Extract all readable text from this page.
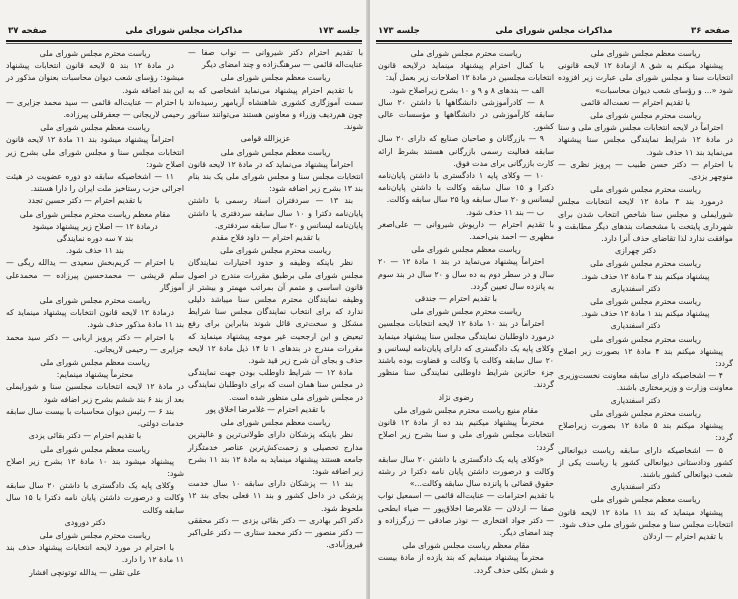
مذاکرات مجلس شورای ملی	جلسه ۱۷۳
صفحه ۳۷

با تقدیم احترام دکتر شیروانی — نواب صفا — عنایت‌اله قائمی — سرهنگ‌زاده و چند امضای دیگر

ریاست معظم مجلس شورای ملی

با تقدیم احترام پیشنهاد می‌نماید اشخاصی که به سمت آموزگاری کشوری شاهنشاه آریامهر رسیده‌اند چون هم‌ردیف وزراء و معاونین هستند می‌توانند سناتور شوند.

عزیزالله قوامی

ریاست معظم مجلس شورای ملی

احتراماً پیشنهاد می‌نماید که در مادهٔ ۱۲ لایحه قانون انتخابات مجلس سنا و مجلس شورای ملی یک بند بنام بند ۱۳ بشرح زیر اضافه شود:

بند ۱۳ — سردفتران اسناد رسمی با داشتن پایان‌نامه دکترا و ۱۰ سال سابقه سردفتری یا داشتن پایان‌نامه لیسانس و ۲۰ سال سابقه سردفتری.

با تقدیم احترام — داود فلاح مقدم

ریاست محترم مجلس شورای ملی

نظر باینکه وظیفه و حدود اختیارات نمایندگان مجلس شورای ملی برطبق مقررات مندرج در اصول قانون اساسی و متمم آن بمراتب مهمتر و بیشتر از وظیفه نمایندگان محترم مجلس سنا میباشد دلیلی ندارد که برای انتخاب نمایندگان مجلس سنا شرایط مشکل و سخت‌تری قائل شوند بنابراین برای رفع تبعیض و این ارجحیت غیر موجه پیشنهاد مینماید که مقررات مندرج در بندهای ۱ تا ۱۴ ذیل مادهٔ ۱۲ لایحه حذف و بجای آن شرح زیر قید شود.

مادهٔ ۱۲ — شرایط داوطلب بودن جهت نمایندگی در مجلس سنا همان است که برای داوطلبان نمایندگی در مجلس شورای ملی منظور شده است.

با تقدیم احترام — غلامرضا اخلاق پور

ریاست معظم مجلس شورای ملی

نظر باینکه پزشکان دارای طولانی‌ترین و عالیترین مدارج تحصیلی و زحمت‌کش‌ترین عناصر خدمتگزار جامعه هستند پیشنهاد مینماید به مادهٔ ۱۲ بند ۱۱ بشرح زیر اضافه شود:

بند ۱۱ — پزشکان دارای سابقه ۱۰ سال خدمت پزشکی در داخل کشور و بند ۱۱ فعلی بجای بند ۱۲ ملحوظ شود.

دکتر اکبر بهادری — دکتر بقائی یزدی — دکتر محققی — دکتر منصور — دکتر محمد ستاری — دکتر علی‌اکبر فیروزآبادی.

ریاست محترم مجلس شورای ملی

در مادهٔ ۱۲ بند ۵ لایحه قانون انتخابات پیشنهاد میشود: رؤسای شعب دیوان محاسبات بعنوان مذکور در این بند اضافه شود.

با احترام — عنایت‌اله قائمی — سید محمد جزایری — رحیمی لاریجانی — جعفرقلی پیرزاده.

ریاست معظم مجلس شورای ملی

احتراماً پیشنهاد میشود بند ۱۱ مادهٔ ۱۲ لایحه قانون انتخابات مجلس سنا و مجلس شورای ملی بشرح زیر اصلاح شود:

۱۱ — اشخاصیکه سابقه دو دوره عضویت در هیئت اجرائی حزب رستاخیز ملت ایران را دارا هستند.

با تقدیم احترام — دکتر حسین تجدد

مقام معظم ریاست محترم مجلس شورای ملی

درمادهٔ ۱۲ — اصلاح زیر پیشنهاد میشود

بند ۷ سه دوره نمایندگی

بند ۱۱ حذف شود.

با احترام — کریم‌بخش سعیدی — یدالله ریگی — سلم قریشی — محمدحسین پیرزاده — محمدعلی آموزگار

ریاست محترم مجلس شورای ملی

درمادهٔ ۱۲ لایحه قانون انتخابات پیشنهاد مینماید که بند ۱۱ مادهٔ مذکور حذف شود.

با احترام — دکتر پرویز اربابی — دکتر سید محمد جزایری — رحیمی لاریجانی.

ریاست معظم مجلس شورای ملی

محترماً پیشنهاد مینمایم:

در مادهٔ ۱۲ لایحه انتخابات مجلسین سنا و شورایملی بعد از بند ۶ بند ششم بشرح زیر اضافه شود

بند ۶ — رئیس دیوان محاسبات با بیست سال سابقه خدمات دولتی.

با تقدیم احترام — دکتر بقائی یزدی

ریاست معظم مجلس شورای ملی

پیشنهاد میشود بند ۱۰ مادهٔ ۱۲ بشرح زیر اصلاح شود:

وکلای پایه یک دادگستری با داشتن ۲۰ سال سابقه وکالت و درصورت داشتن پایان نامه دکترا با ۱۵ سال سابقه وکالت

دکتر دورودی

ریاست محترم مجلس شورای ملی

با احترام در مورد لایحه انتخابات پیشنهاد حذف بند ۱۱ مادهٔ ۱۲ را دارد.

علی تقلی — یدالله توتونچی افشار

مذاکرات مجلس شورای ملی	صفحه ۳۶
جلسه ۱۷۳

ریاست معظم مجلس شورای ملی

پیشنهاد میکنم به شق ۸ ازمادهٔ ۱۲ لایحه قانونی انتخابات سنا و مجلس شورای ملی عبارت زیر افزوده شود «... و رؤسای شعب دیوان محاسبات»

با تقدیم احترام — نعمت‌اله قائمی

ریاست محترم مجلس شورای ملی

احتراماً در لایحه انتخابات مجلس شورای ملی و سنا در مادهٔ ۱۲ شرایط نمایندگی مجلس سنا پیشنهاد می‌نماید بند ۱۱ حذف شود.

با احترام — دکتر حسن طبیب — پرویز نظری — منوچهر یزدی.

ریاست محترم مجلس شورای ملی

درمورد بند ۳ مادهٔ ۱۲ لایحه انتخابات مجلس شورایملی و مجلس سنا شاخص انتخاب شدن برای شهرداری پایتخت با مشخصات بندهای دیگر مطابقت و موافقت ندارد لذا تقاضای حذف آنرا دارد.

دکتر چهرازی

ریاست محترم مجلس شورای ملی

پیشنهاد میکنم بند ۳ مادهٔ ۱۲ حذف شود.

دکتر اسفندیاری

ریاست محترم مجلس شورای ملی

پیشنهاد میکنم بند ۱ مادهٔ ۱۲ حذف شود.

دکتر اسفندیاری

ریاست محترم مجلس شورای ملی

پیشنهاد میکنم بند ۴ مادهٔ ۱۲ بصورت زیر اصلاح گردد:

۴ — اشخاصیکه دارای سابقه معاونت نخست‌وزیری معاونت وزارت و وزیرمختاری باشند.

دکتر اسفندیاری

ریاست محترم مجلس شورای ملی

پیشنهاد میکنم بند ۵ مادهٔ ۱۲ بصورت زیراصلاح گردد:

۵ — اشخاصیکه دارای سابقه ریاست دیوانعالی کشور ودادستانی دیوانعالی کشور یا ریاست یکی از شعب دیوانعالی کشور باشند.

دکتر اسفندیاری

ریاست معظم مجلس شورای ملی

پیشنهاد مینماید که بند ۱۱ مادهٔ ۱۲ لایحه قانون انتخابات مجلس سنا و مجلس شورای ملی حذف شود.

با تقدیم احترام — اردلان

ریاست محترم مجلس شورای ملی

با کمال احترام پیشنهاد مینماید درلایحه قانون انتخابات مجلسین در مادهٔ ۱۲ اصلاحات زیر بعمل آید:

الف — بندهای ۸ و ۹ و ۱۰ بشرح زیراصلاح شود.

۸ — کادرآموزشی دانشگاهها با داشتن ۲۰ سال سابقه کارآموزشی در دانشگاهها و مؤسسات عالی کشور.

۹ — بازرگانان و صاحبان صنایع که دارای ۲۰ سال سابقه فعالیت رسمی بازرگانی هستند بشرط ارائه کارت بازرگانی برای مدت فوق.

۱۰ — وکلای پایه ۱ دادگستری با داشتن پایان‌نامه دکترا و ۱۵ سال سابقه وکالت با داشتن پایان‌نامه لیسانس و ۲۰ سال سابقه ویا ۲۵ سال سابقه وکالت.

ب — بند ۱۱ حذف شود.

با تقدیم احترام — داریوش شیروانی — علی‌اصغر مظهری — احمد بنی‌احمد.

ریاست معظم مجلس شورای ملی

احتراماً پیشنهاد می‌نماید در بند ۱ مادهٔ ۱۲ — ۲۰ سال و در سطر دوم به ده سال و ۲۰ سال در بند سوم به پانزده سال تعیین گردد.

با تقدیم احترام — جندقی

ریاست محترم مجلس شورای ملی

احتراماً در بند ۱۰ مادهٔ ۱۲ لایحه انتخابات مجلسین درمورد داوطلبان نمایندگی مجلس سنا پیشنهاد مینماید وکلای پایه یک دادگستری که دارای پایان‌نامه لیسانس و ۲۰ سال سابقه وکالت یا وکالت و قضاوت بوده باشند جزء حائزین شرایط داوطلبی نمایندگی سنا منظور گردند.

رضوی نژاد

مقام منیع ریاست محترم مجلس شورای ملی

محترماً پیشنهاد میکنیم بند ده از مادهٔ ۱۲ قانون انتخابات مجلس شورای ملی و سنا بشرح زیر اصلاح گردد:

«وکلای پایه یک دادگستری با داشتن ۲۰ سال سابقه وکالت و درصورت داشتن پایان نامه دکترا در رشته حقوق قضائی با پانزده سال سابقه وکالت...»

با تقدیم احترامات — عنایت‌اله قائمی — اسمعیل نواب صفا — اردلان — غلامرضا اخلاق‌پور — ضیاء ابطحی — دکتر جواد افتخاری — نوذر صادقی — زرگرزاده و چند امضای دیگر.

مقام معظم ریاست مجلس شورای ملی

محترماً پیشنهاد مینمایم که بند یازده از مادهٔ بیست و شش بکلی حذف گردد.
